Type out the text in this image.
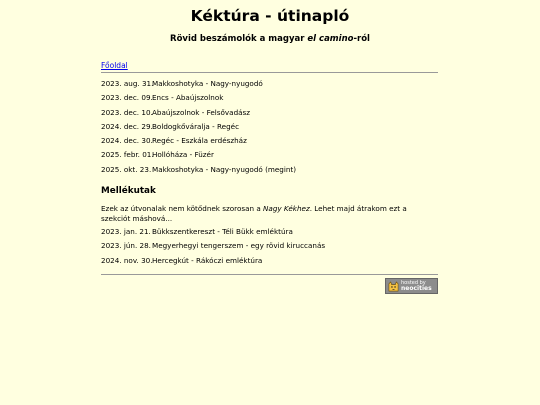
Kéktúra - útinapló
Rövid beszámolók a magyar el camino-ról
Főoldal
2023. aug. 31.Makkoshotyka - Nagy-nyugodó
2023. dec. 09.Encs - Abaújszolnok
2023. dec. 10.Abaújszolnok - Felsővadász
2024. dec. 29.Boldogkőváralja - Regéc
2024. dec. 30.Regéc - Eszkála erdészház
2025. febr. 01.Hollóháza - Füzér
2025. okt. 23.Makkoshotyka - Nagy-nyugodó (megint)
Mellékutak
Ezek az útvonalak nem kötődnek szorosan a Nagy Kékhez. Lehet majd átrakom ezt a szekciót máshová...
2023. jan. 21.Bükkszentkereszt - Téli Bükk emléktúra
2023. jún. 28.Megyerhegyi tengerszem - egy rövid kiruccanás
2024. nov. 30.Hercegkút - Rákóczi emléktúra
hosted by
neocities
